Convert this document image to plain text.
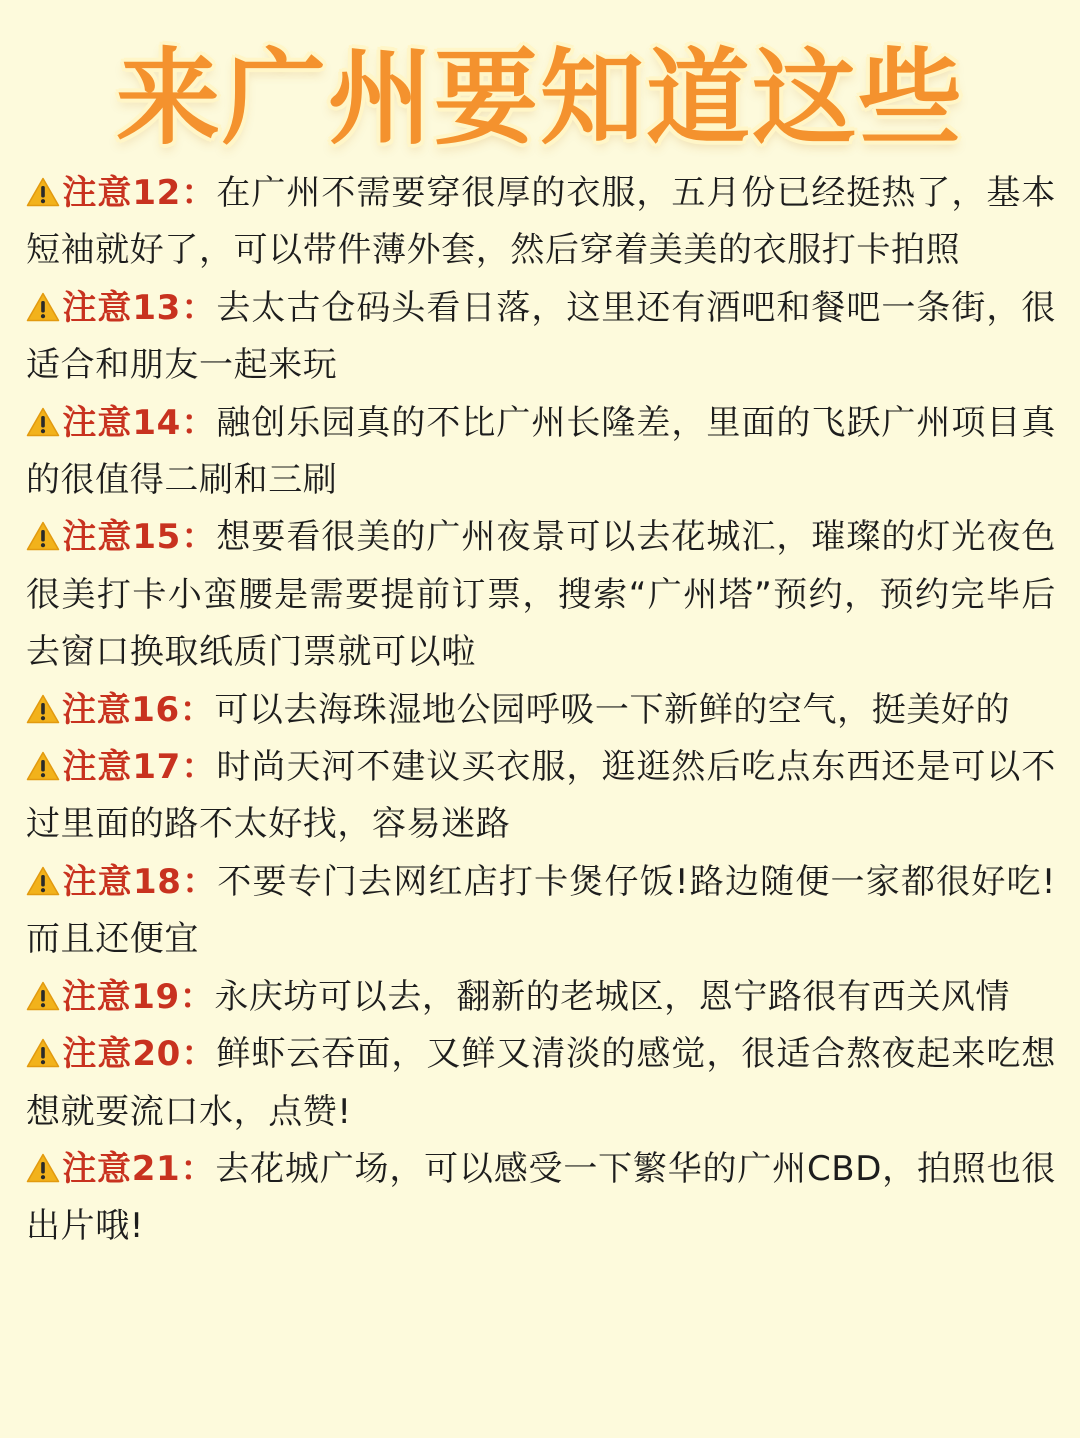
来广州要知道这些

注意12：在广州不需要穿很厚的衣服，五月份已经挺热了，基本短袖就好了，可以带件薄外套，然后穿着美美的衣服打卡拍照

注意13：去太古仓码头看日落，这里还有酒吧和餐吧一条街，很适合和朋友一起来玩

注意14：融创乐园真的不比广州长隆差，里面的飞跃广州项目真的很值得二刷和三刷

注意15：想要看很美的广州夜景可以去花城汇，璀璨的灯光夜色很美打卡小蛮腰是需要提前订票，搜索“广州塔”预约，预约完毕后去窗口换取纸质门票就可以啦

注意16：可以去海珠湿地公园呼吸一下新鲜的空气，挺美好的

注意17：时尚天河不建议买衣服，逛逛然后吃点东西还是可以不过里面的路不太好找，容易迷路

注意18：不要专门去网红店打卡煲仔饭!路边随便一家都很好吃!而且还便宜

注意19：永庆坊可以去，翻新的老城区，恩宁路很有西关风情

注意20：鲜虾云吞面，又鲜又清淡的感觉，很适合熬夜起来吃想想就要流口水，点赞!

注意21：去花城广场，可以感受一下繁华的广州CBD，拍照也很出片哦!
